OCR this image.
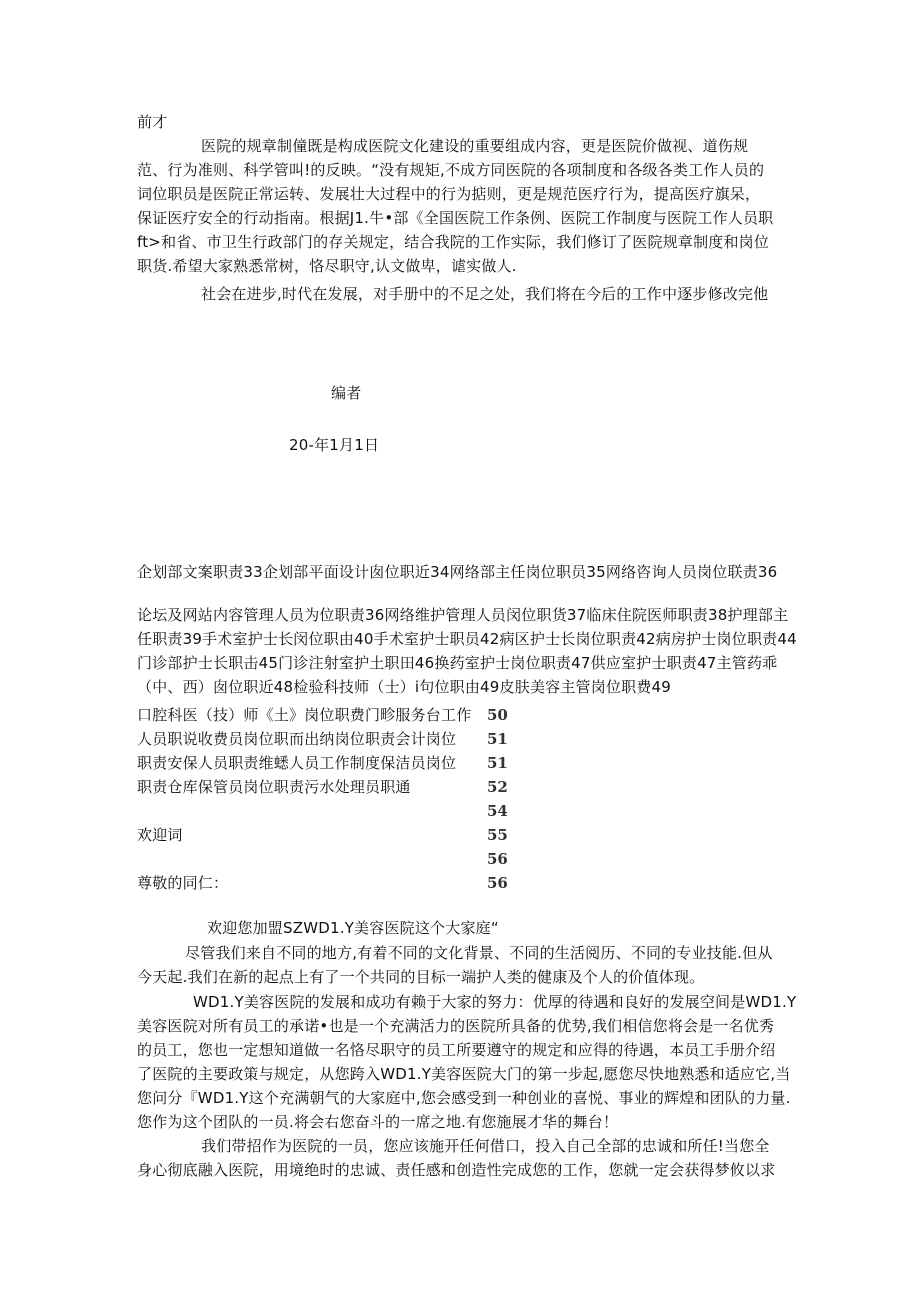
前才
医院的规章制僮既是构成医院文化建设的重要组成内容，更是医院价做视、道伤规
范、行为准则、科学管叫!的反映。“没有规矩,不成方同医院的各项制度和各级各类工作人员的
词位职员是医院正常运转、发展壮大过程中的行为掂则，更是规范医疗行为，提高医疗旗呆，
保证医疗安全的行动指南。根据J1.牛•部《全国医院工作条例、医院工作制度与医院工作人员职
ft>和省、市卫生行政部门的存关规定，结合我院的工作实际，我们修订了医院规章制度和岗位
职货.希望大家熟悉常树，恪尽职守,认文做卑，谑实做人.
社会在进步,时代在发展，对手册中的不足之处，我们将在今后的工作中逐步修改完他
编者
20-年1月1日
企划部文案职责33企划部平面设计囱位职近34网络部主任岗位职员35网络咨询人员岗位联责36
论坛及网站内容管理人员为位职责36网络维护管理人员闵位职货37临床住院医师职责38护理部主
任职责39手术室护士长闵位职由40手术室护士职员42病区护士长岗位职责42病房护士岗位职责44
门诊部护士长职击45门诊注射室护土职田46换药室护士岗位职责47供应室护士职责47主管药乖
（中、西）囱位职近48检验科技师（士）i句位职由49皮肤美容主管岗位职费49
口腔科医（技）师《土》岗位职费门畛服务台工作
人员职说收费员岗位职而出纳岗位职责会计岗位
职责安保人员职责维蟋人员工作制度保洁员岗位
职责仓库保管员岗位职责污水处理员职通
50
51
51
52
54
55
56
56
欢迎词
尊敬的同仁：
欢迎您加盟SZWD1.Y美容医院这个大家庭“
尽管我们来自不同的地方,有着不同的文化背景、不同的生活阅历、不同的专业技能.但从
今天起.我们在新的起点上有了一个共同的目标一端护人类的健康及个人的价值体现。
WD1.Y美容医院的发展和成功有赖于大家的努力：优厚的待遇和良好的发展空间是WD1.Y
美容医院对所有员工的承诺•也是一个充满活力的医院所具备的优势,我们相信您将会是一名优秀
的员工，您也一定想知道做一名恪尽职守的员工所要遵守的规定和应得的待遇，本员工手册介绍
了医院的主要政策与规定，从您跨入WD1.Y美容医院大门的第一步起,愿您尽快地熟悉和适应它,当
您问分『WD1.Y这个充满朝气的大家庭中,您会感受到一种创业的喜悦、事业的辉煌和团队的力量.
您作为这个团队的一员.将会右您奋斗的一席之地.有您施展才华的舞台！
我们带招作为医院的一员，您应该施开任何借口，投入自己全部的忠诚和所任!当您全
身心彻底融入医院，用境绝时的忠诚、责任感和创造性完成您的工作，您就一定会获得梦攸以求
